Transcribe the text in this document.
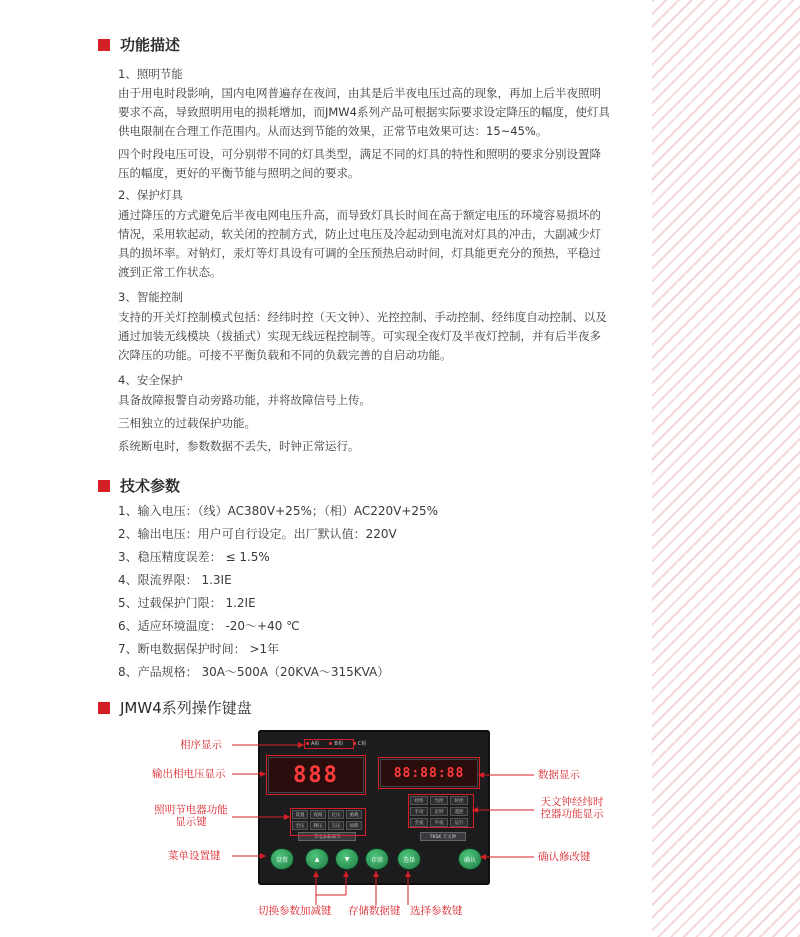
功能描述
1、照明节能
由于用电时段影响，国内电网普遍存在夜间，由其是后半夜电压过高的现象，再加上后半夜照明要求不高，导致照明用电的损耗增加，而JMW4系列产品可根据实际要求设定降压的幅度，使灯具供电限制在合理工作范围内。从而达到节能的效果，正常节电效果可达：15~45%。
四个时段电压可设，可分别带不同的灯具类型，满足不同的灯具的特性和照明的要求分别设置降压的幅度，更好的平衡节能与照明之间的要求。
2、保护灯具
通过降压的方式避免后半夜电网电压升高，而导致灯具长时间在高于额定电压的环境容易损坏的情况，采用软起动，软关闭的控制方式，防止过电压及冷起动到电流对灯具的冲击，大副减少灯具的损坏率。对钠灯，汞灯等灯具设有可调的全压预热启动时间，灯具能更充分的预热，平稳过渡到正常工作状态。
3、智能控制
支持的开关灯控制模式包括：经纬时控（天文钟）、光控控制、手动控制、经纬度自动控制、以及通过加装无线模块（拔插式）实现无线远程控制等。可实现全夜灯及半夜灯控制，并有后半夜多次降压的功能。可接不平衡负载和不同的负载完善的自启动功能。
4、安全保护
具备故障报警自动旁路功能，并将故障信号上传。
三相独立的过载保护功能。
系统断电时，参数数据不丢失，时钟正常运行。
技术参数
1、输入电压：（线）AC380V+25%；（相）AC220V+25%
2、输出电压：用户可自行设定。出厂默认值：220V
3、稳压精度误差： ≤ 1.5%
4、限流界限： 1.3IE
5、过载保护门限： 1.2IE
6、适应环境温度： -20～+40 ℃
7、断电数据保护时间： >1年
8、产品规格： 30A～500A（20KVA～315KVA）
JMW4系列操作键盘
A相	B相	C相
888	88:88:88
设置	夜间	过压	重载
全压	降压	欠压	故障
节电参数调节
经纬	光控	时控
手动	定时	遥控
全夜	半夜	运行
TKSK 天文钟
设置	▲	▼	存储	选择	确认
相序显示
输出相电压显示
照明节电器功能显示键
菜单设置键
数据显示
天文钟经纬时控器功能显示
确认修改键
切换参数加减键 存储数据键 选择参数键
